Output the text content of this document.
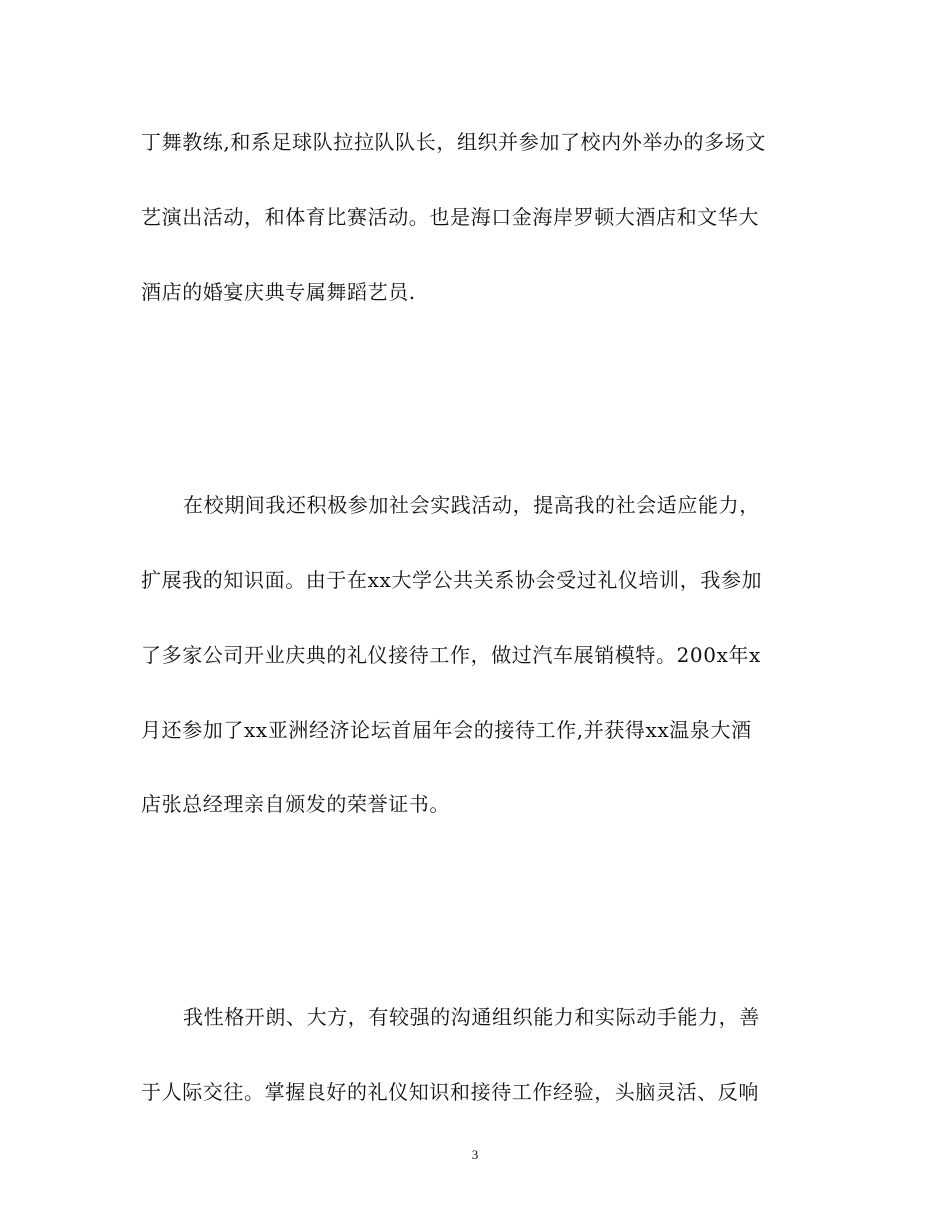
丁舞教练,和系足球队拉拉队队长，组织并参加了校内外举办的多场文
艺演出活动，和体育比赛活动。也是海口金海岸罗顿大酒店和文华大
酒店的婚宴庆典专属舞蹈艺员.
在校期间我还积极参加社会实践活动，提高我的社会适应能力，
扩展我的知识面。由于在xx大学公共关系协会受过礼仪培训，我参加
了多家公司开业庆典的礼仪接待工作，做过汽车展销模特。200x年x
月还参加了xx亚洲经济论坛首届年会的接待工作,并获得xx温泉大酒
店张总经理亲自颁发的荣誉证书。
我性格开朗、大方，有较强的沟通组织能力和实际动手能力，善
于人际交往。掌握良好的礼仪知识和接待工作经验，头脑灵活、反响
3
